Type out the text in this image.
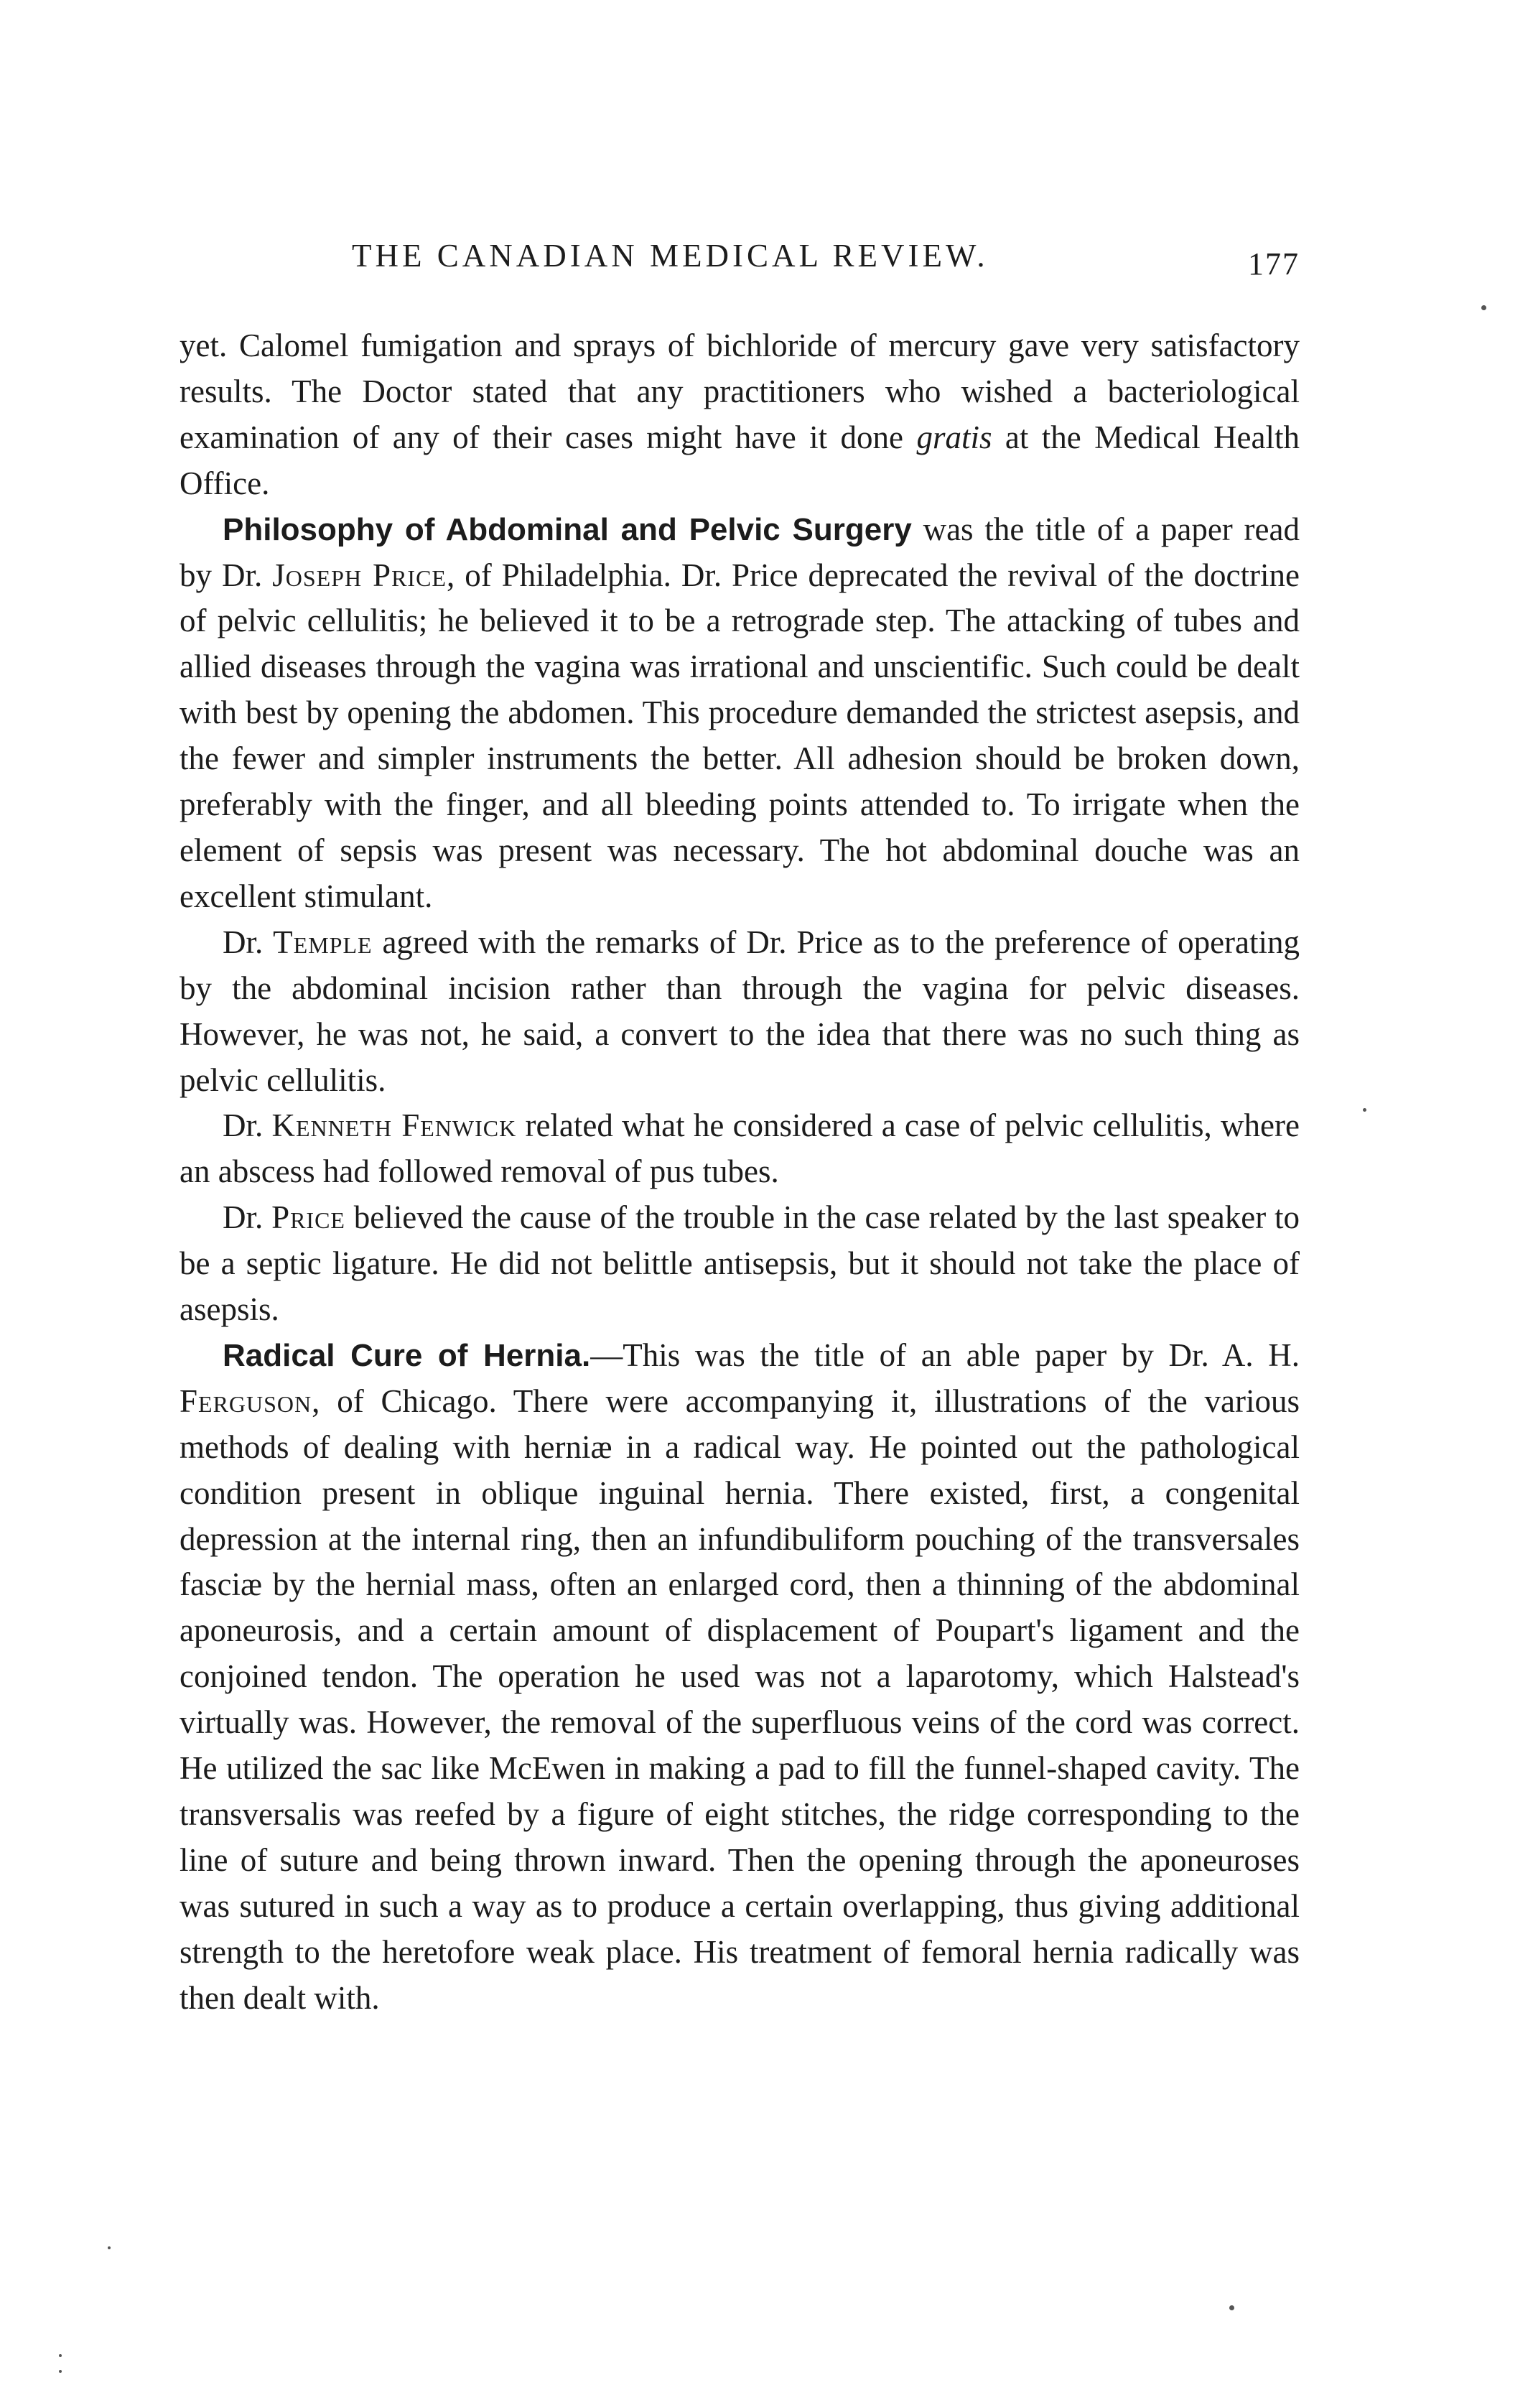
THE CANADIAN MEDICAL REVIEW.	177

yet. Calomel fumigation and sprays of bichloride of mercury gave very satisfactory results. The Doctor stated that any practitioners who wished a bacteriological examination of any of their cases might have it done gratis at the Medical Health Office.

Philosophy of Abdominal and Pelvic Surgery was the title of a paper read by Dr. Joseph Price, of Philadelphia. Dr. Price deprecated the revival of the doctrine of pelvic cellulitis; he believed it to be a retrograde step. The attacking of tubes and allied diseases through the vagina was irrational and unscientific. Such could be dealt with best by opening the abdomen. This procedure demanded the strictest asepsis, and the fewer and simpler instruments the better. All adhesion should be broken down, preferably with the finger, and all bleeding points attended to. To irrigate when the element of sepsis was present was necessary. The hot abdominal douche was an excellent stimulant.

Dr. Temple agreed with the remarks of Dr. Price as to the preference of operating by the abdominal incision rather than through the vagina for pelvic diseases. However, he was not, he said, a convert to the idea that there was no such thing as pelvic cellulitis.

Dr. Kenneth Fenwick related what he considered a case of pelvic cellulitis, where an abscess had followed removal of pus tubes.

Dr. Price believed the cause of the trouble in the case related by the last speaker to be a septic ligature. He did not belittle antisepsis, but it should not take the place of asepsis.

Radical Cure of Hernia.—This was the title of an able paper by Dr. A. H. Ferguson, of Chicago. There were accompanying it, illustrations of the various methods of dealing with herniæ in a radical way. He pointed out the pathological condition present in oblique inguinal hernia. There existed, first, a congenital depression at the internal ring, then an infundibuliform pouching of the transversales fasciæ by the hernial mass, often an enlarged cord, then a thinning of the abdominal aponeurosis, and a certain amount of displacement of Poupart's ligament and the conjoined tendon. The operation he used was not a laparotomy, which Halstead's virtually was. However, the removal of the superfluous veins of the cord was correct. He utilized the sac like McEwen in making a pad to fill the funnel-shaped cavity. The transversalis was reefed by a figure of eight stitches, the ridge corresponding to the line of suture and being thrown inward. Then the opening through the aponeuroses was sutured in such a way as to produce a certain overlapping, thus giving additional strength to the heretofore weak place. His treatment of femoral hernia radically was then dealt with.
